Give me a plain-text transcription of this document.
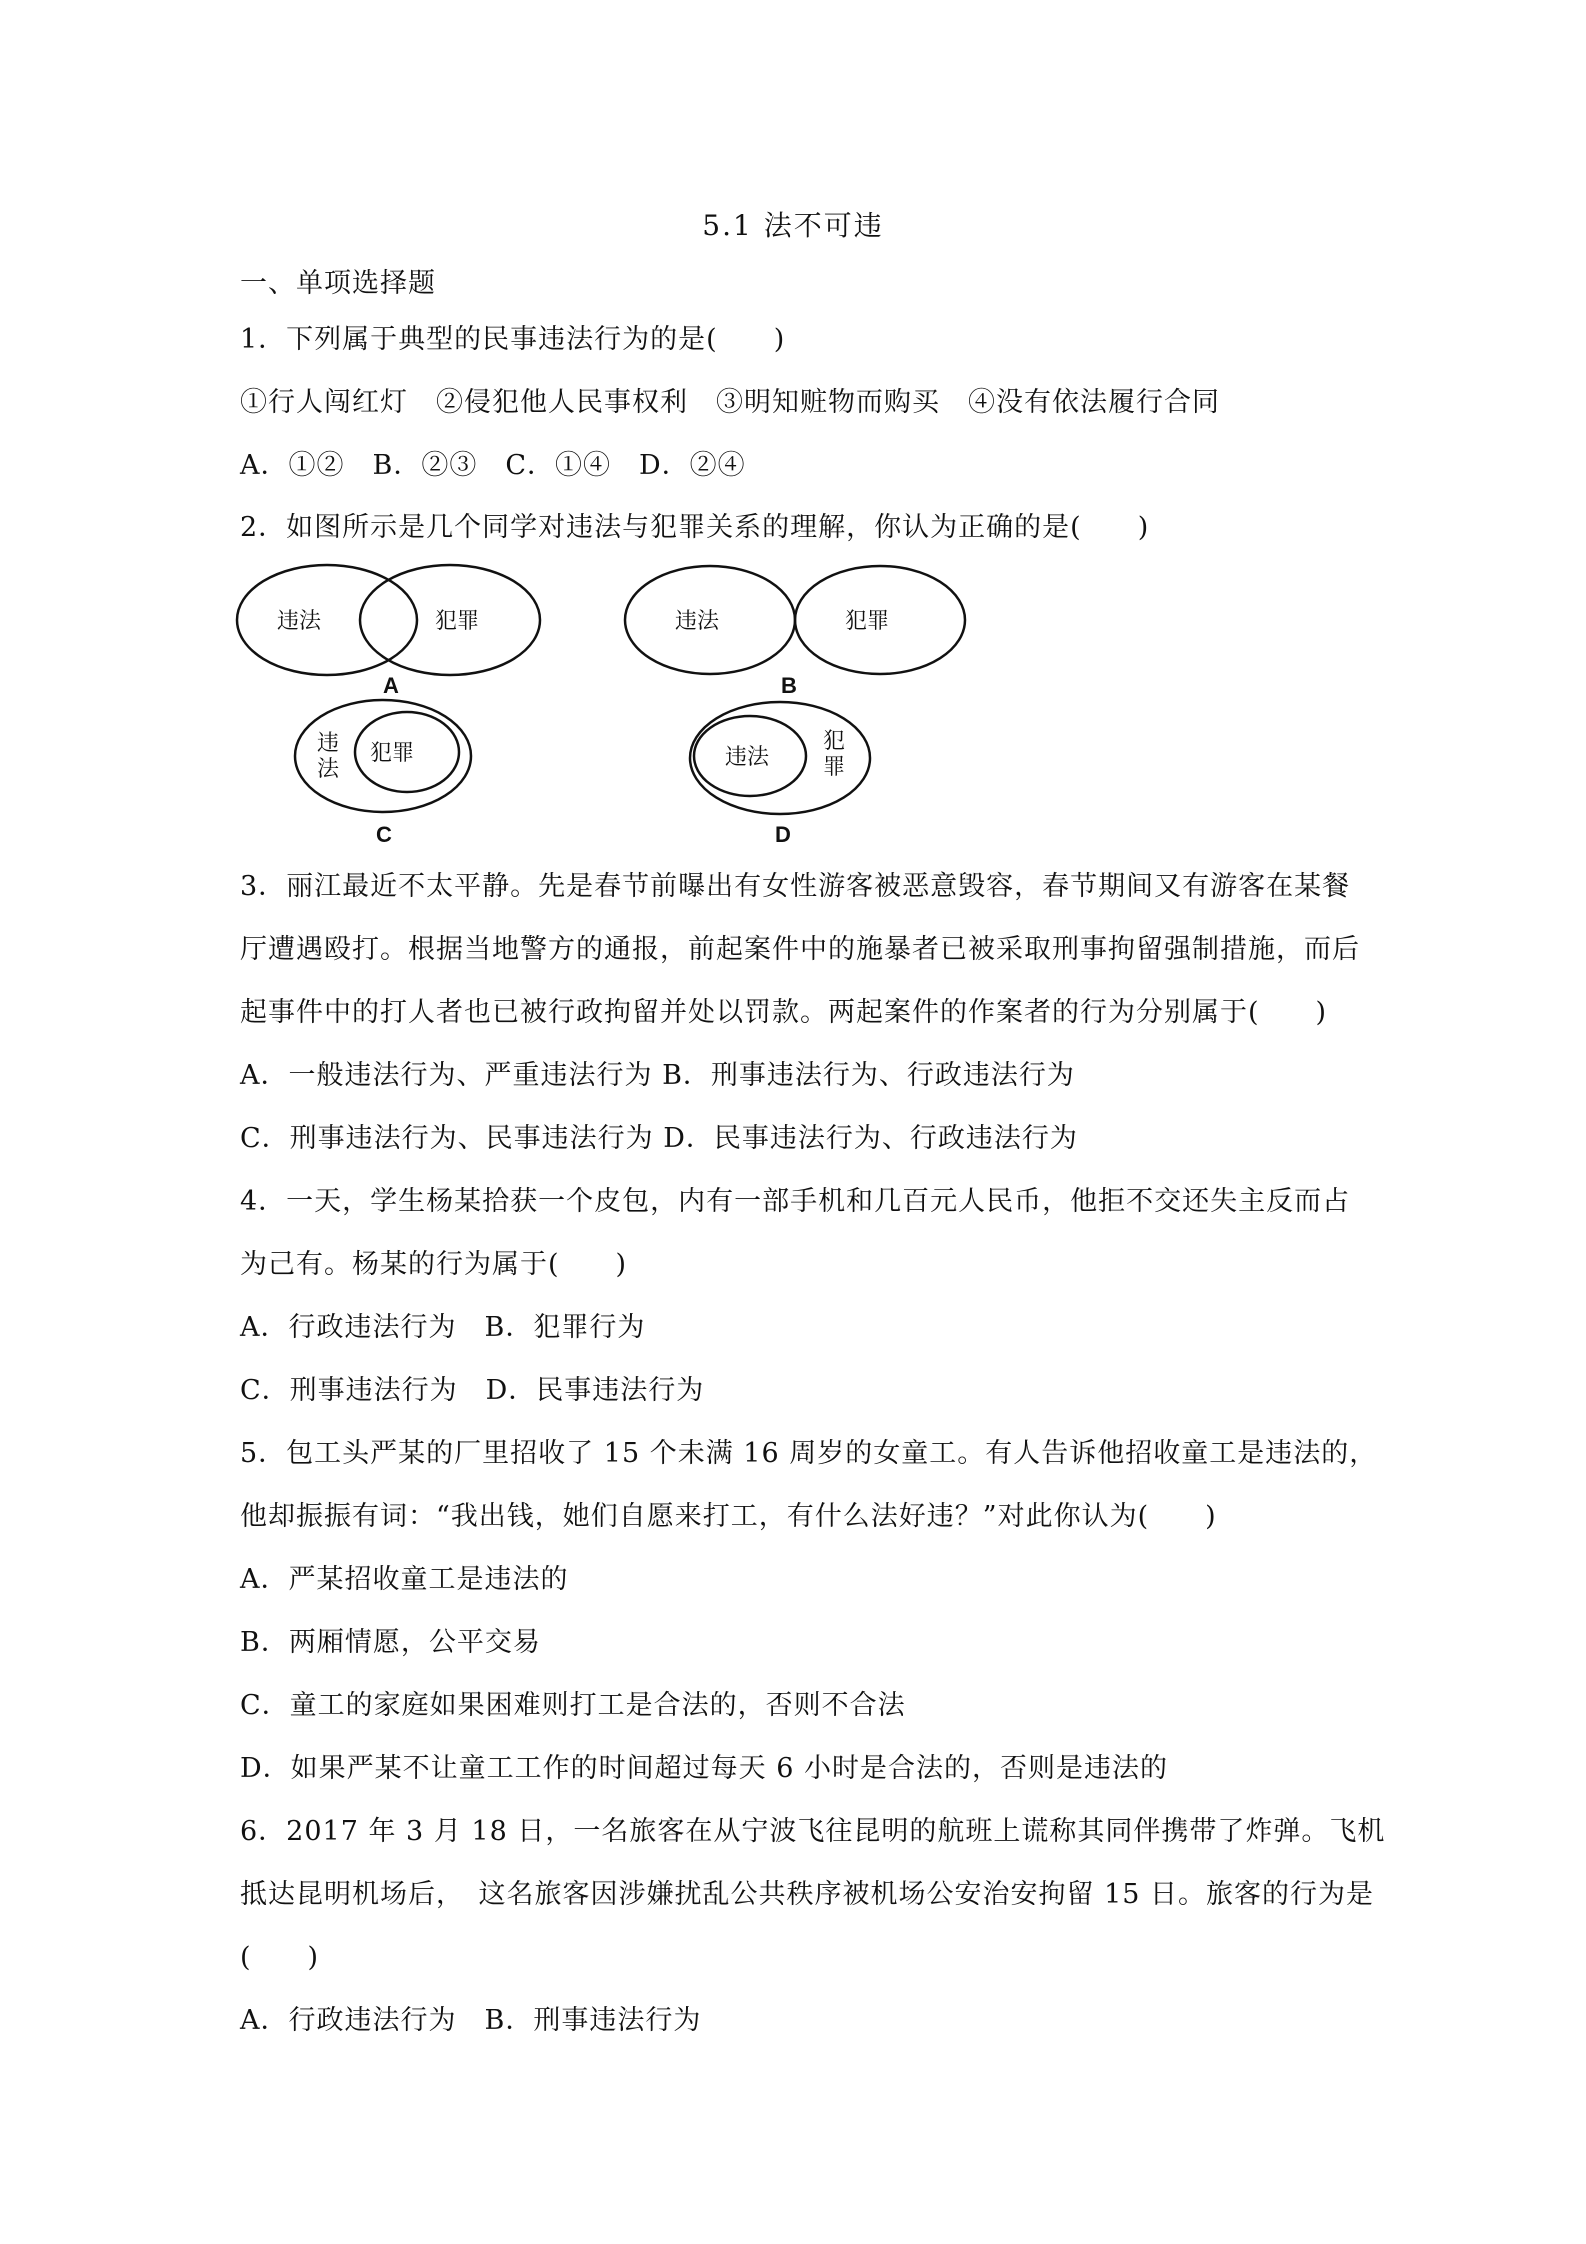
5.1 法不可违
一、单项选择题
1．下列属于典型的民事违法行为的是(　　)
①行人闯红灯　②侵犯他人民事权利　③明知赃物而购买　④没有依法履行合同
A．①②　B．②③　C．①④　D．②④
2．如图所示是几个同学对违法与犯罪关系的理解，你认为正确的是(　　)
违法	犯罪
A
违法	犯罪
B
违
法
犯罪
C
违法
犯
罪
D
3．丽江最近不太平静。先是春节前曝出有女性游客被恶意毁容，春节期间又有游客在某餐
厅遭遇殴打。根据当地警方的通报，前起案件中的施暴者已被采取刑事拘留强制措施，而后
起事件中的打人者也已被行政拘留并处以罚款。两起案件的作案者的行为分别属于(　　)
A．一般违法行为、严重违法行为 B．刑事违法行为、行政违法行为
C．刑事违法行为、民事违法行为 D．民事违法行为、行政违法行为
4．一天，学生杨某拾获一个皮包，内有一部手机和几百元人民币，他拒不交还失主反而占
为己有。杨某的行为属于(　　)
A．行政违法行为　B．犯罪行为
C．刑事违法行为　D．民事违法行为
5．包工头严某的厂里招收了 15 个未满 16 周岁的女童工。有人告诉他招收童工是违法的，
他却振振有词：“我出钱，她们自愿来打工，有什么法好违？”对此你认为(　　)
A．严某招收童工是违法的
B．两厢情愿，公平交易
C．童工的家庭如果困难则打工是合法的，否则不合法
D．如果严某不让童工工作的时间超过每天 6 小时是合法的，否则是违法的
6．2017 年 3 月 18 日，一名旅客在从宁波飞往昆明的航班上谎称其同伴携带了炸弹。飞机
抵达昆明机场后，　这名旅客因涉嫌扰乱公共秩序被机场公安治安拘留 15 日。旅客的行为是
(　　)
A．行政违法行为　B．刑事违法行为
